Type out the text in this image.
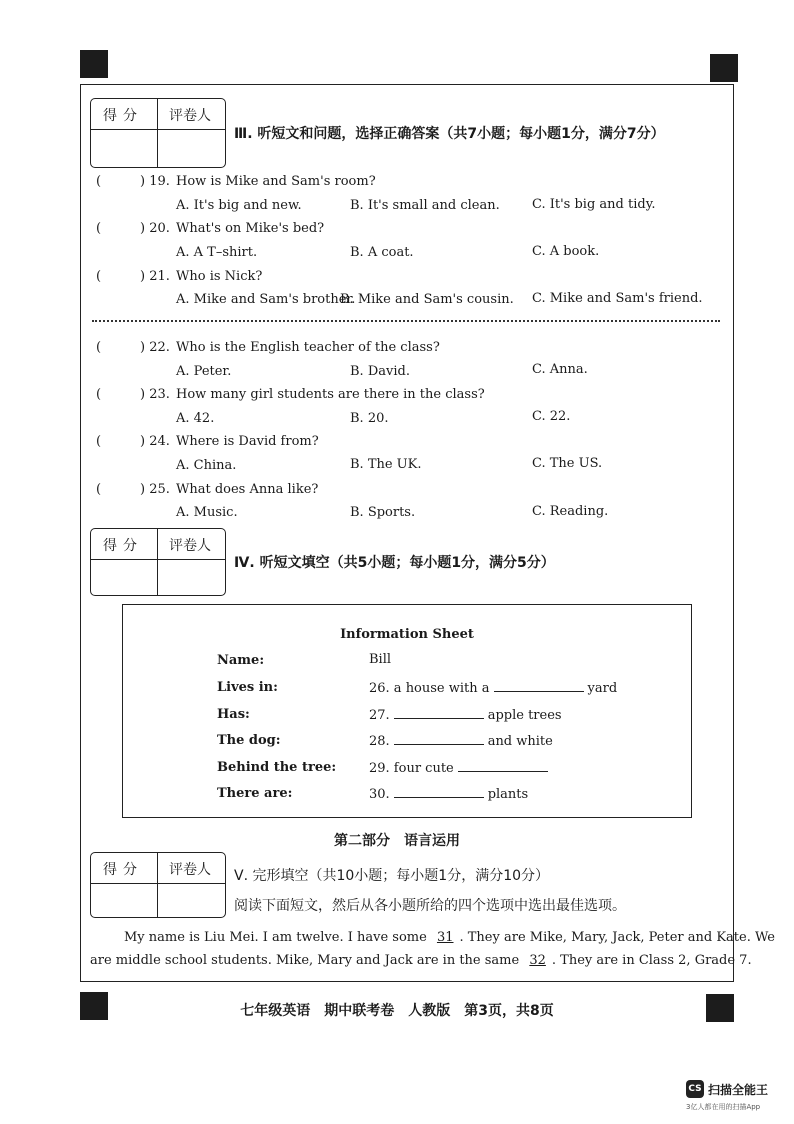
得分 评卷人
Ⅲ. 听短文和问题，选择正确答案（共7小题；每小题1分，满分7分）
(	) 19. How is Mike and Sam's room?
A. It's big and new.	B. It's small and clean. C. It's big and tidy.
(	) 20. What's on Mike's bed?
A. A T–shirt.	B. A coat.	C. A book.
(	) 21. Who is Nick?
A. Mike and Sam's brother.
B. Mike and Sam's cousin. C. Mike and Sam's friend.
(	) 22. Who is the English teacher of the class?
A. Peter.	B. David.	C. Anna.
(	) 23. How many girl students are there in the class?
A. 42.	B. 20.	C. 22.
(	) 24. Where is David from?
A. China.	B. The UK.	C. The US.
(	) 25. What does Anna like?
A. Music.	B. Sports.	C. Reading.
得分 评卷人
Ⅳ. 听短文填空（共5小题；每小题1分，满分5分）
Information Sheet
Name:	Bill
Lives in:	26. a house with a	yard
Has:	27.	apple trees
The dog:	28.	and white
Behind the tree:	29. four cute
There are:	30.	plants
第二部分　语言运用
得分 评卷人 Ⅴ. 完形填空（共10小题；每小题1分，满分10分）
阅读下面短文，然后从各小题所给的四个选项中选出最佳选项。
My name is Liu Mei. I am twelve. I have some 31 . They are Mike, Mary, Jack, Peter and Kate. We
are middle school students. Mike, Mary and Jack are in the same 32 . They are in Class 2, Grade 7.
七年级英语　期中联考卷　人教版　第3页，共8页
CS 扫描全能王
3亿人都在用的扫描App
